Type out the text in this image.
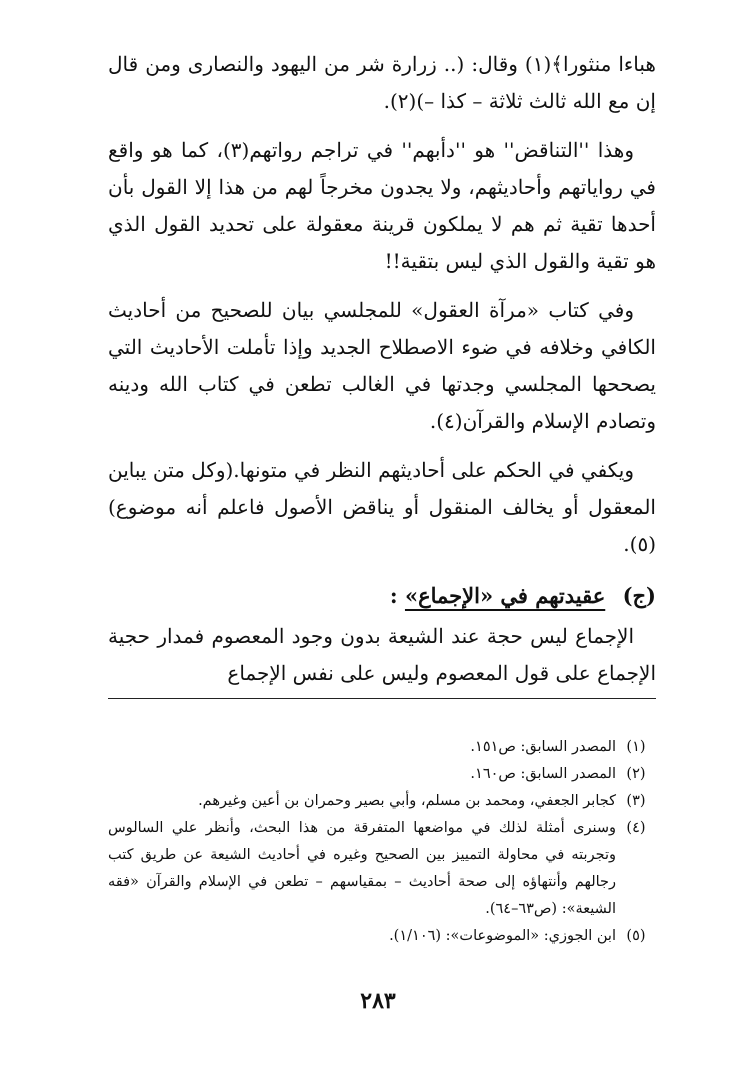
هباءا منثورا﴾(١) وقال: (.. زرارة شر من اليهود والنصارى ومن قال إن مع الله ثالث ثلاثة – كذا –)(٢).

وهذا ''التناقض'' هو ''دأبهم'' في تراجم رواتهم(٣)، كما هو واقع في رواياتهم وأحاديثهم، ولا يجدون مخرجاً لهم من هذا إلا القول بأن أحدها تقية ثم هم لا يملكون قرينة معقولة على تحديد القول الذي هو تقية والقول الذي ليس بتقية!!

وفي كتاب «مرآة العقول» للمجلسي بيان للصحيح من أحاديث الكافي وخلافه في ضوء الاصطلاح الجديد وإذا تأملت الأحاديث التي يصححها المجلسي وجدتها في الغالب تطعن في كتاب الله ودينه وتصادم الإسلام والقرآن(٤).

ويكفي في الحكم على أحاديثهم النظر في متونها.(وكل متن يباين المعقول أو يخالف المنقول أو يناقض الأصول فاعلم أنه موضوع)(٥).

(ج) عقيدتهم في «الإجماع» :

الإجماع ليس حجة عند الشيعة بدون وجود المعصوم فمدار حجية الإجماع على قول المعصوم وليس على نفس الإجماع

(١)
المصدر السابق: ص١٥١.
(٢)
المصدر السابق: ص١٦٠.
(٣)
كجابر الجعفي، ومحمد بن مسلم، وأبي بصير وحمران بن أعين وغيرهم.
(٤)
وسنرى أمثلة لذلك في مواضعها المتفرقة من هذا البحث، وأنظر علي السالوس وتجربته في محاولة التمييز بين الصحيح وغيره في أحاديث الشيعة عن طريق كتب رجالهم وأنتهاؤه إلى صحة أحاديث – بمقياسهم – تطعن في الإسلام والقرآن «فقه الشيعة»: (ص٦٣–٦٤).
(٥)
ابن الجوزي: «الموضوعات»: (١/١٠٦).
٢٨٣
